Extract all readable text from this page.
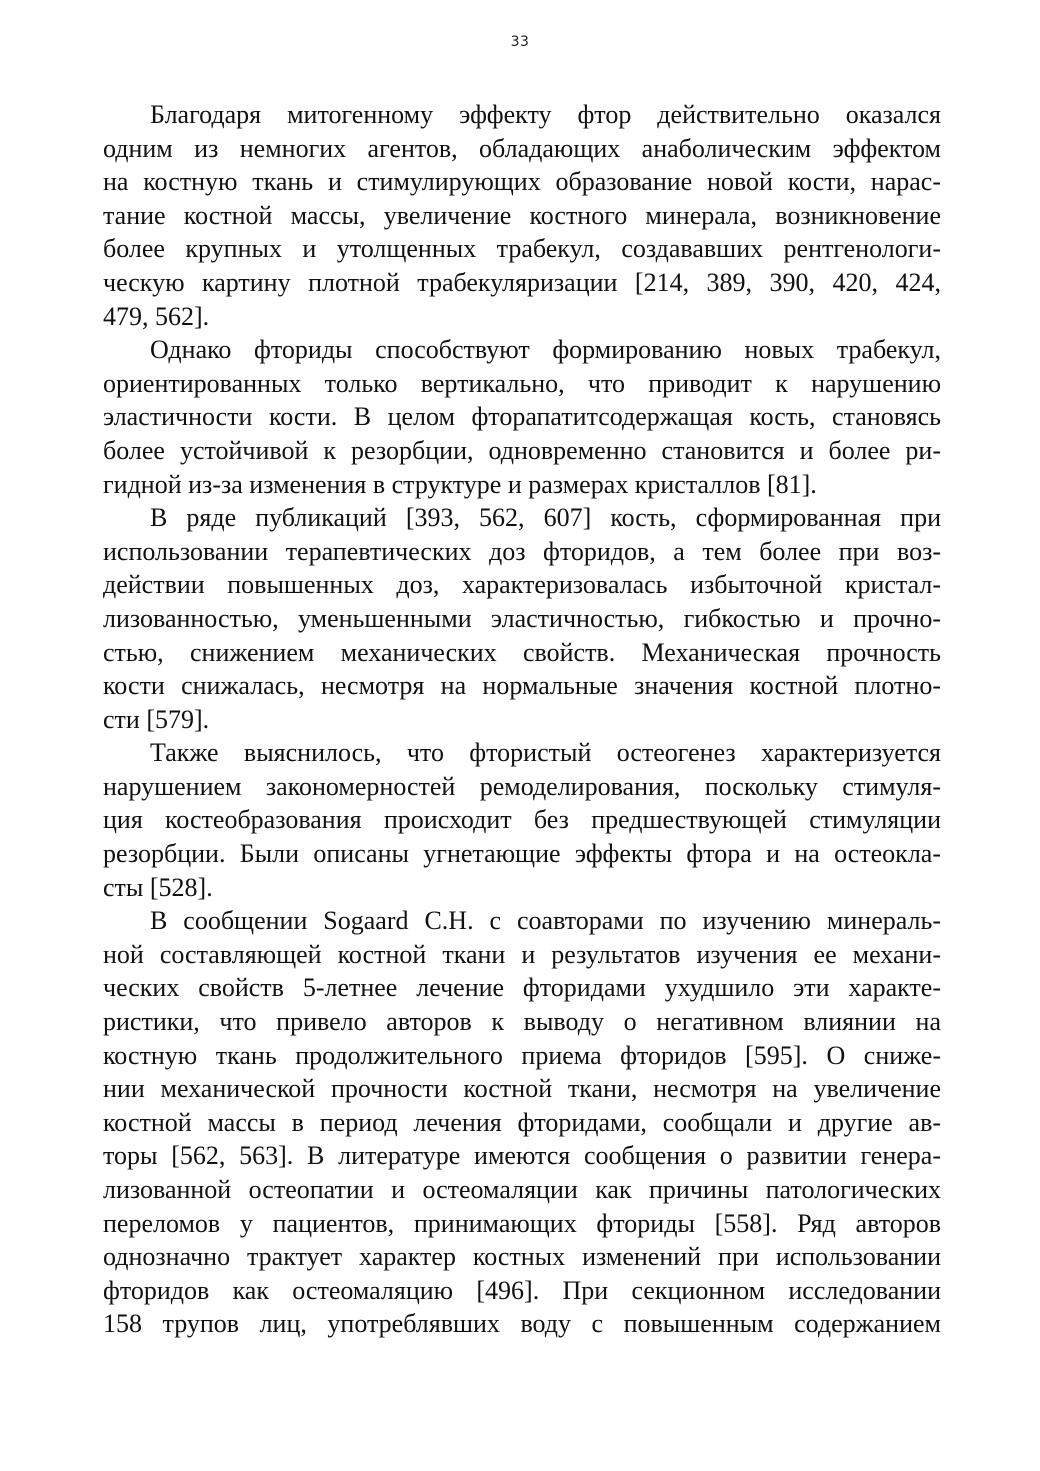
33
Благодаря митогенному эффекту фтор действительно оказался
одним из немногих агентов, обладающих анаболическим эффектом
на костную ткань и стимулирующих образование новой кости, нарас-
тание костной массы, увеличение костного минерала, возникновение
более крупных и утолщенных трабекул, создававших рентгенологи-
ческую картину плотной трабекуляризации [214, 389, 390, 420, 424,
479, 562].
Однако фториды способствуют формированию новых трабекул,
ориентированных только вертикально, что приводит к нарушению
эластичности кости. В целом фторапатитсодержащая кость, становясь
более устойчивой к резорбции, одновременно становится и более ри-
гидной из-за изменения в структуре и размерах кристаллов [81].
В ряде публикаций [393, 562, 607] кость, сформированная при
использовании терапевтических доз фторидов, а тем более при воз-
действии повышенных доз, характеризовалась избыточной кристал-
лизованностью, уменьшенными эластичностью, гибкостью и прочно-
стью, снижением механических свойств. Механическая прочность
кости снижалась, несмотря на нормальные значения костной плотно-
сти [579].
Также выяснилось, что фтористый остеогенез характеризуется
нарушением закономерностей ремоделирования, поскольку стимуля-
ция костеобразования происходит без предшествующей стимуляции
резорбции. Были описаны угнетающие эффекты фтора и на остеокла-
сты [528].
В сообщении Sogaard C.H. с соавторами по изучению минераль-
ной составляющей костной ткани и результатов изучения ее механи-
ческих свойств 5-летнее лечение фторидами ухудшило эти характе-
ристики, что привело авторов к выводу о негативном влиянии на
костную ткань продолжительного приема фторидов [595]. О сниже-
нии механической прочности костной ткани, несмотря на увеличение
костной массы в период лечения фторидами, сообщали и другие ав-
торы [562, 563]. В литературе имеются сообщения о развитии генера-
лизованной остеопатии и остеомаляции как причины патологических
переломов у пациентов, принимающих фториды [558]. Ряд авторов
однозначно трактует характер костных изменений при использовании
фторидов как остеомаляцию [496]. При секционном исследовании
158 трупов лиц, употреблявших воду с повышенным содержанием
